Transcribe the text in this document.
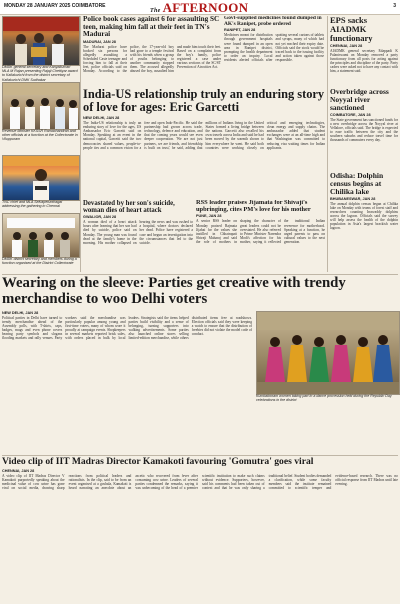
MONDAY 28 JANUARY 2025 COIMBATORE
The AFTERNOON	3

DMDK general secretary and Kanyakumari MLA M Rajan presenting Rajaji Chettiyar award to Kallakurichi from the district secretary of Kallakurichi DMK Sudhakar

Revenue Minister KKSSR Ramachandran and other officials at a function at the Collectorate in Viluppuram

TNC chief and MLA Selvaperunthagai addressing the gathering in Chennai

DMDK district secretary and members during a function organised at the District Collectorate

Police book cases against 6 for assaulting SC teen, making him fall at their feet in TN's Madurai

MADURAI, JAN 28

The Madurai police have booked six persons for allegedly assaulting a Scheduled Caste teenager and forcing him to fall at their feet, police officials said on Monday. According to the police, the 17-year-old boy had gone to a temple festival with his friends when a group of youths belonging to another community stopped them. The accused allegedly abused the boy, assaulted him and made him touch their feet. Based on a complaint from the boy's family, police registered a case under various sections of the SC/ST Prevention of Atrocities Act.

Govt-supplied medicines found dumped in AK's Ranipet, probe ordered

RANIPET, JAN 28

Medicines meant for distribution through government hospitals were found dumped in an open area in Ranipet district, prompting the health department to order an inquiry. Local residents alerted officials after spotting several cartons of tablets and syrups, many of which had not yet reached their expiry date. Officials said the stock would be traced back to the issuing facility and action taken against those responsible.

EPS sacks AIADMK functionary

CHENNAI, JAN 28

AIADMK general secretary Edappadi K Palaniswami on Monday removed a party functionary from all posts for acting against the principles and discipline of the party. Party cadres were asked not to have any contact with him, a statement said.

Overbridge across Noyyal river sanctioned

COIMBATORE, JAN 28

The State government has sanctioned funds for a new overbridge across the Noyyal river at Vellalore, officials said. The bridge is expected to ease traffic between the city and the southern suburbs and reduce travel time for thousands of commuters every day.

Odisha: Dolphin census begins at Chilika lake

BHUBANESWAR, JAN 28

The annual dolphin census began at Chilika lake on Monday with teams of forest staff and researchers counting Irrawaddy dolphins across the lagoon. Officials said the survey will help assess the health of the dolphin population in Asia's largest brackish water lagoon.

India-US relationship truly an enduring story of love for ages: Eric Garcetti

NEW DELHI, JAN 28

The India-US relationship is truly an enduring story of love for the ages, US Ambassador Eric Garcetti said on Monday. Speaking at an event in the national capital, Garcetti said the two democracies shared values, people-to-people ties and a common vision for a free and open Indo-Pacific. He said the partnership had grown across trade, technology, defence and education, and that the coming years would see even deeper cooperation. 'We are not just partners, we are friends, and friendship is built on trust,' he said, adding that millions of Indians living in the United States formed a living bridge between the nations. Garcetti also recalled his own travels across India and said he had been moved by the warmth shown to him everywhere he went. He said both countries were working closely on critical and emerging technologies, clean energy and supply chains. The ambassador added that student exchanges were at an all-time high and that Washington was committed to reducing visa waiting times for Indian applicants.

Devastated by her son's suicide, woman dies of heart attack

GWALIOR, JAN 28

A woman died of a heart attack hours after learning that her son had died by suicide, police said on Monday. The young man was found dead at the family's home in the morning. His mother collapsed on hearing the news and was rushed to a hospital, where doctors declared her dead. Police have registered a case and begun an investigation into the circumstances that led to the suicide.

RSS leader praises Jijamata for Shivaji's upbringing, cites PM's love for his mother

PUNE, JAN 28

A senior RSS leader on Monday praised Rajmata Jijabai for the values she instilled in Chhatrapati Shivaji Maharaj and said the role of mothers in shaping the character of great leaders could not be overstated. He also referred to Prime Minister Narendra Modi's affection for his mother, saying it reflected the traditional Indian reverence for motherhood. Speaking at a function, he urged parents to pass on cultural values to the next generation.

Wearing on the sleeve: Parties get creative with trendy merchandise to woo Delhi voters

NEW DELHI, JAN 28

Political parties in Delhi have turned to trendy merchandise ahead of the Assembly polls, with T-shirts, caps, badges, mugs and even phone covers bearing party symbols and slogans flooding markets and rally venues. Party workers said the merchandise was particularly popular among young and first-time voters, many of whom wore it proudly at campaign events. Shopkeepers in several markets reported brisk sales, with orders placed in bulk by local leaders. Strategists said the items helped parties build visibility and a sense of belonging, turning supporters into walking advertisements. Some parties also launched online stores selling limited-edition merchandise, while others distributed items free at roadshows. Election officials said they were keeping a watch to ensure that the distribution of freebies did not violate the model code of conduct.

Kumbakonam women taking part in a dance procession held during the Republic Day celebrations in the district

Video clip of IIT Madras Director Kamakoti favouring 'Gomutra' goes viral

CHENNAI, JAN 28

A video clip of IIT Madras Director V Kamakoti purportedly speaking about the medicinal value of cow urine has gone viral on social media, drawing sharp reactions from political leaders and rationalists. In the clip, said to be from an event organised at a goshala, Kamakoti is heard narrating an anecdote about an ascetic who recovered from fever after consuming cow urine. Leaders of several parties condemned the remarks, saying it was unbecoming of the head of a premier scientific institution to make such claims without evidence. Supporters, however, said his comments had been taken out of context and that he was only sharing a traditional belief. Student bodies demanded a clarification, while some faculty members said the institute remained committed to scientific temper and evidence-based research. There was no official response from IIT Madras until late evening.
